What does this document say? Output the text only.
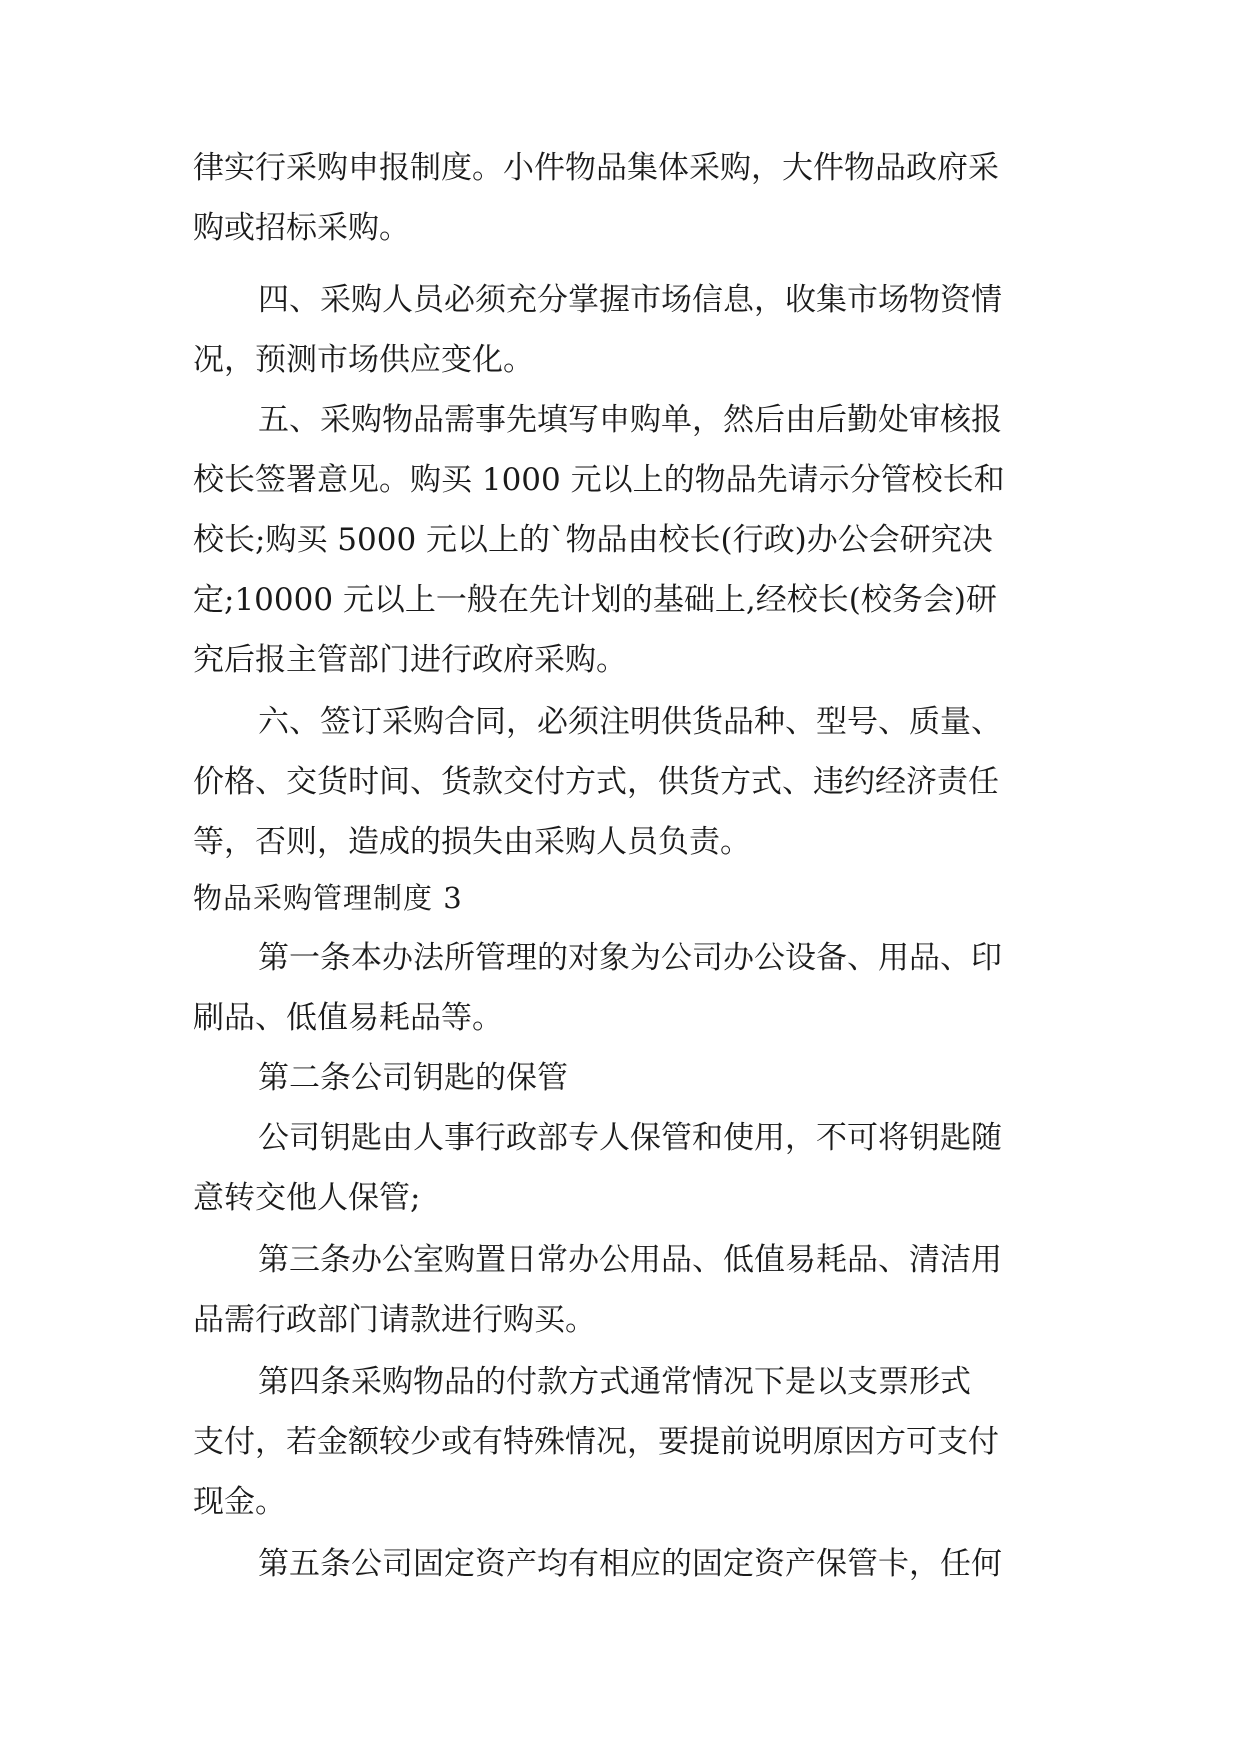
律实行采购申报制度。小件物品集体采购，大件物品政府采
购或招标采购。
四、采购人员必须充分掌握市场信息，收集市场物资情
况，预测市场供应变化。
五、采购物品需事先填写申购单，然后由后勤处审核报
校长签署意见。购买 1000 元以上的物品先请示分管校长和
校长;购买 5000 元以上的`物品由校长(行政)办公会研究决
定;10000 元以上一般在先计划的基础上,经校长(校务会)研
究后报主管部门进行政府采购。
六、签订采购合同，必须注明供货品种、型号、质量、
价格、交货时间、货款交付方式，供货方式、违约经济责任
等，否则，造成的损失由采购人员负责。
物品采购管理制度 3
第一条本办法所管理的对象为公司办公设备、用品、印
刷品、低值易耗品等。
第二条公司钥匙的保管
公司钥匙由人事行政部专人保管和使用，不可将钥匙随
意转交他人保管;
第三条办公室购置日常办公用品、低值易耗品、清洁用
品需行政部门请款进行购买。
第四条采购物品的付款方式通常情况下是以支票形式
支付，若金额较少或有特殊情况，要提前说明原因方可支付
现金。
第五条公司固定资产均有相应的固定资产保管卡，任何
